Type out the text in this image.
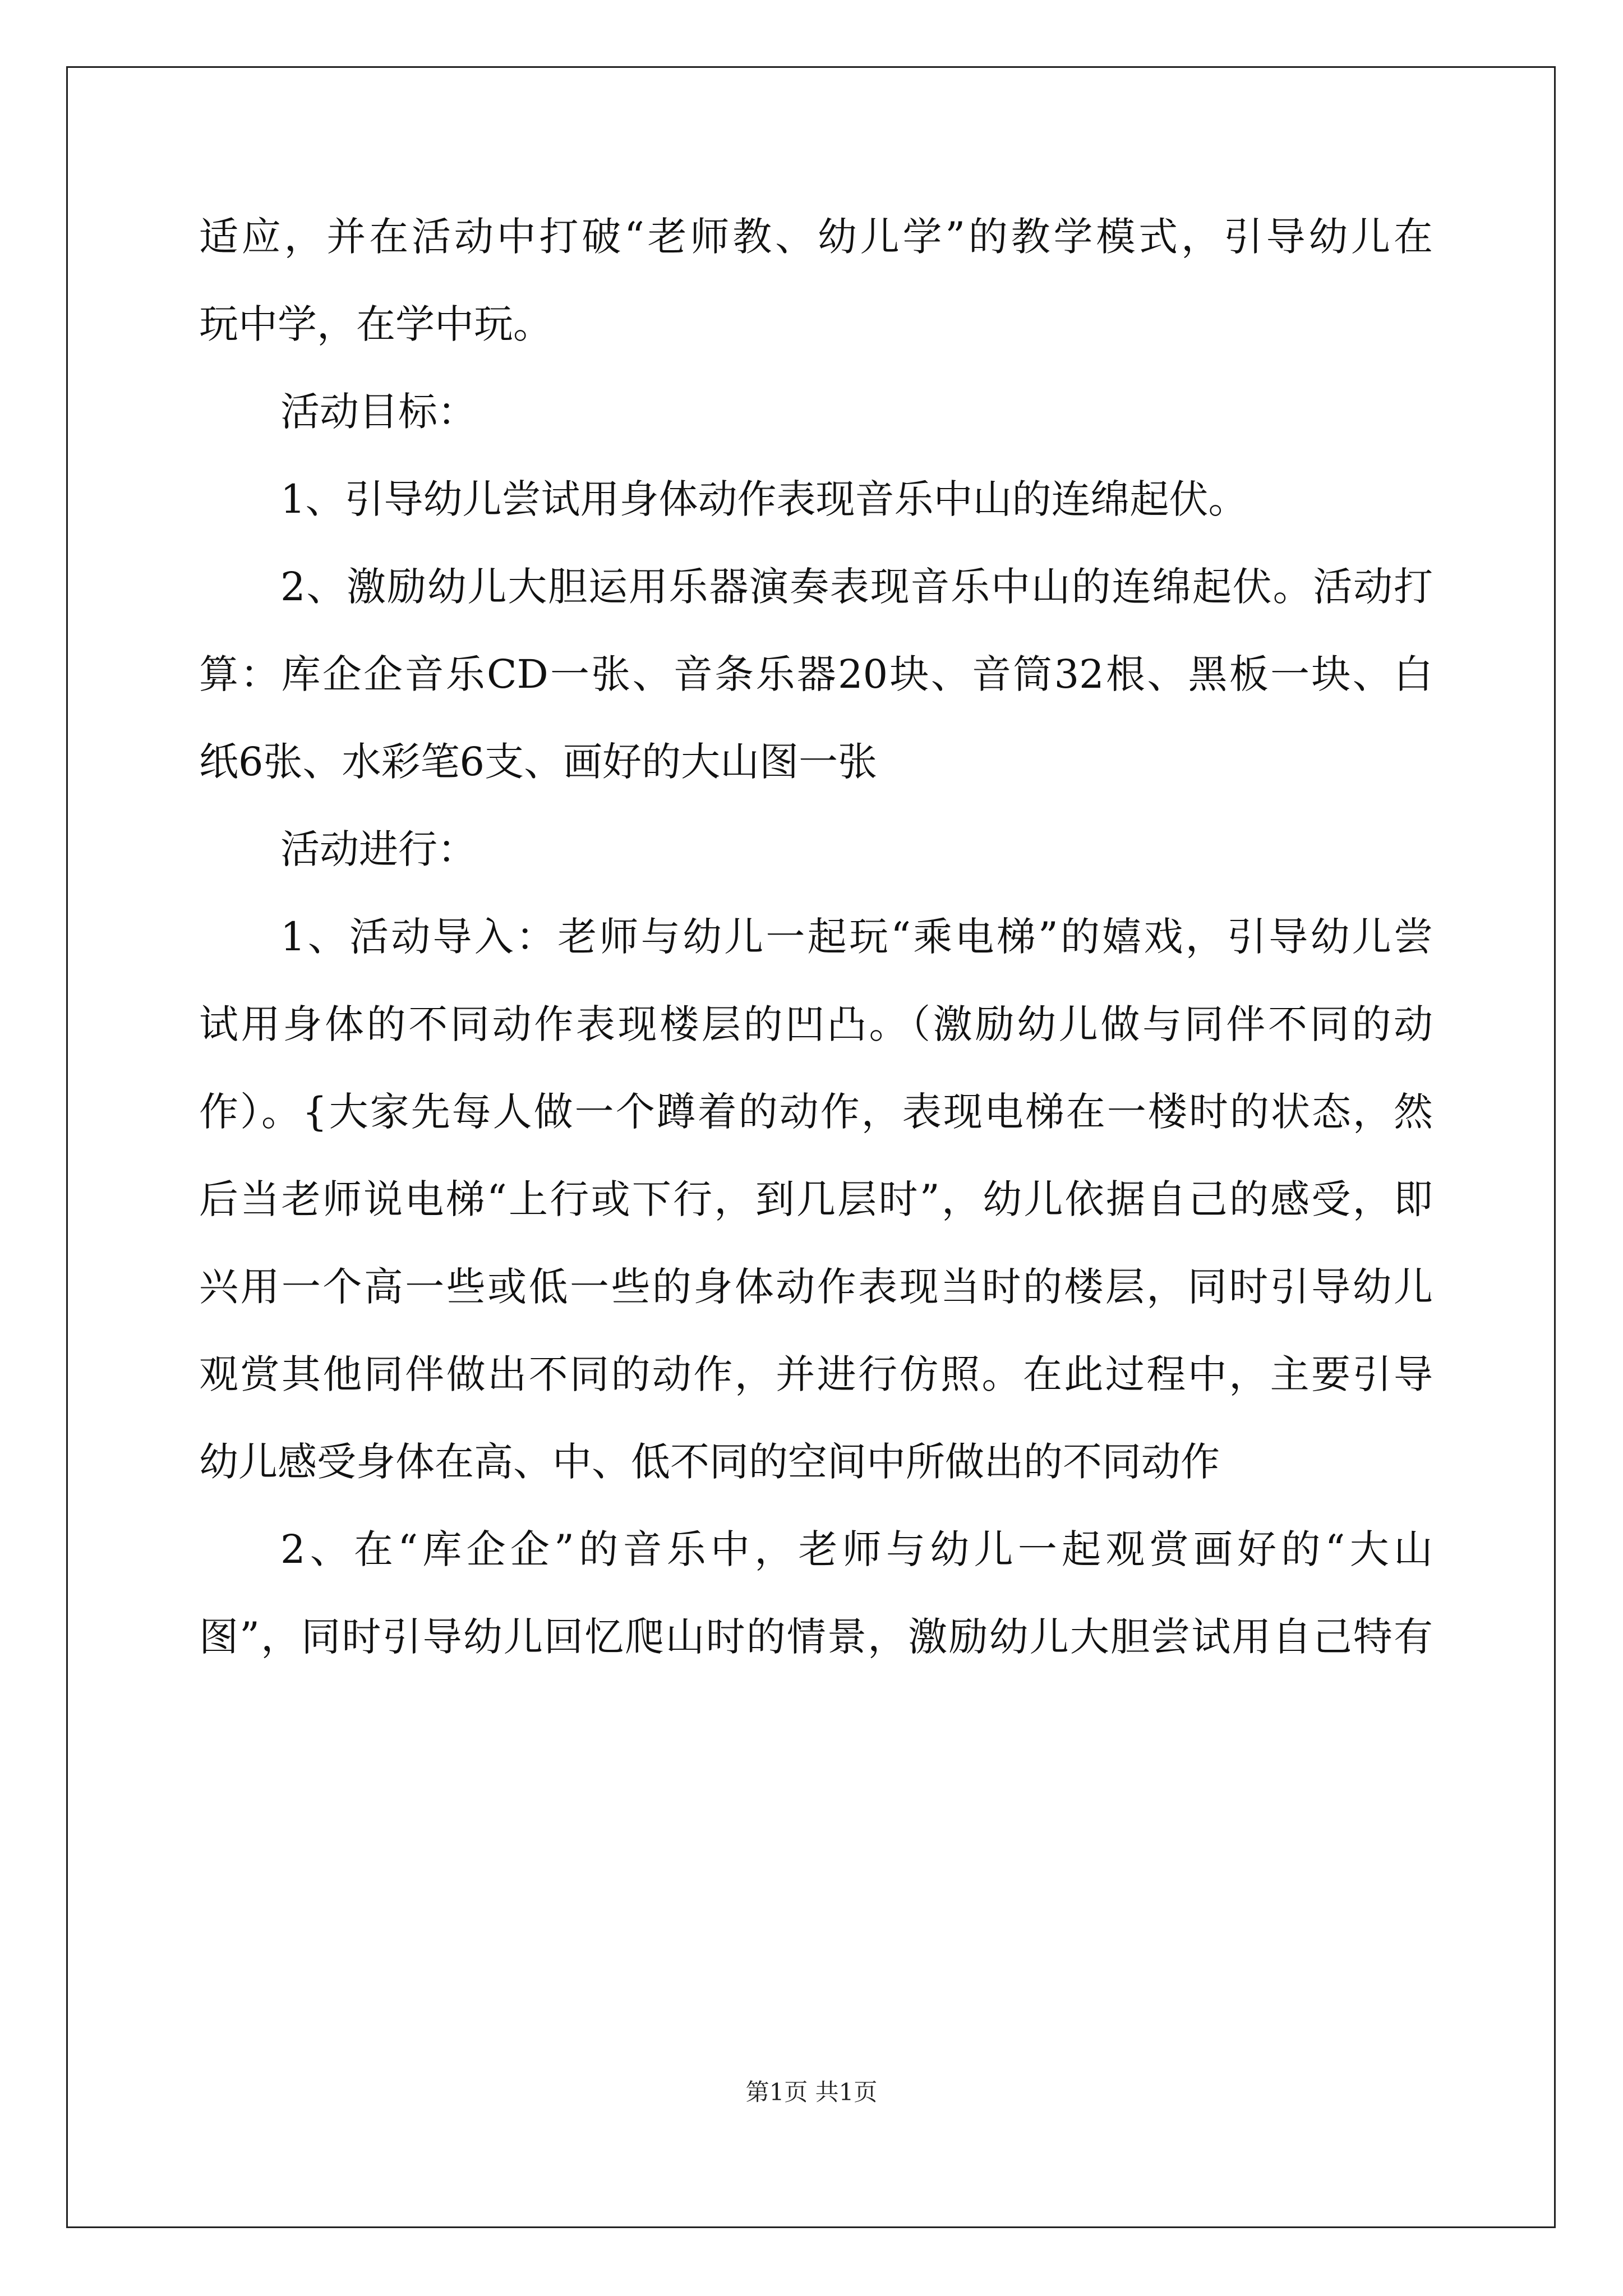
适应，并在活动中打破“老师教、幼儿学”的教学模式，引导幼儿在
玩中学，在学中玩。
活动目标：
1、引导幼儿尝试用身体动作表现音乐中山的连绵起伏。
2、激励幼儿大胆运用乐器演奏表现音乐中山的连绵起伏。活动打
算：库企企音乐CD一张、音条乐器20块、音筒32根、黑板一块、白
纸6张、水彩笔6支、画好的大山图一张
活动进行：
1、活动导入：老师与幼儿一起玩“乘电梯”的嬉戏，引导幼儿尝
试用身体的不同动作表现楼层的凹凸。（激励幼儿做与同伴不同的动
作）。{大家先每人做一个蹲着的动作，表现电梯在一楼时的状态，然
后当老师说电梯“上行或下行，到几层时”，幼儿依据自己的感受，即
兴用一个高一些或低一些的身体动作表现当时的楼层，同时引导幼儿
观赏其他同伴做出不同的动作，并进行仿照。在此过程中，主要引导
幼儿感受身体在高、中、低不同的空间中所做出的不同动作
2、在“库企企”的音乐中，老师与幼儿一起观赏画好的“大山
图”，同时引导幼儿回忆爬山时的情景，激励幼儿大胆尝试用自己特有
第1页 共1页
